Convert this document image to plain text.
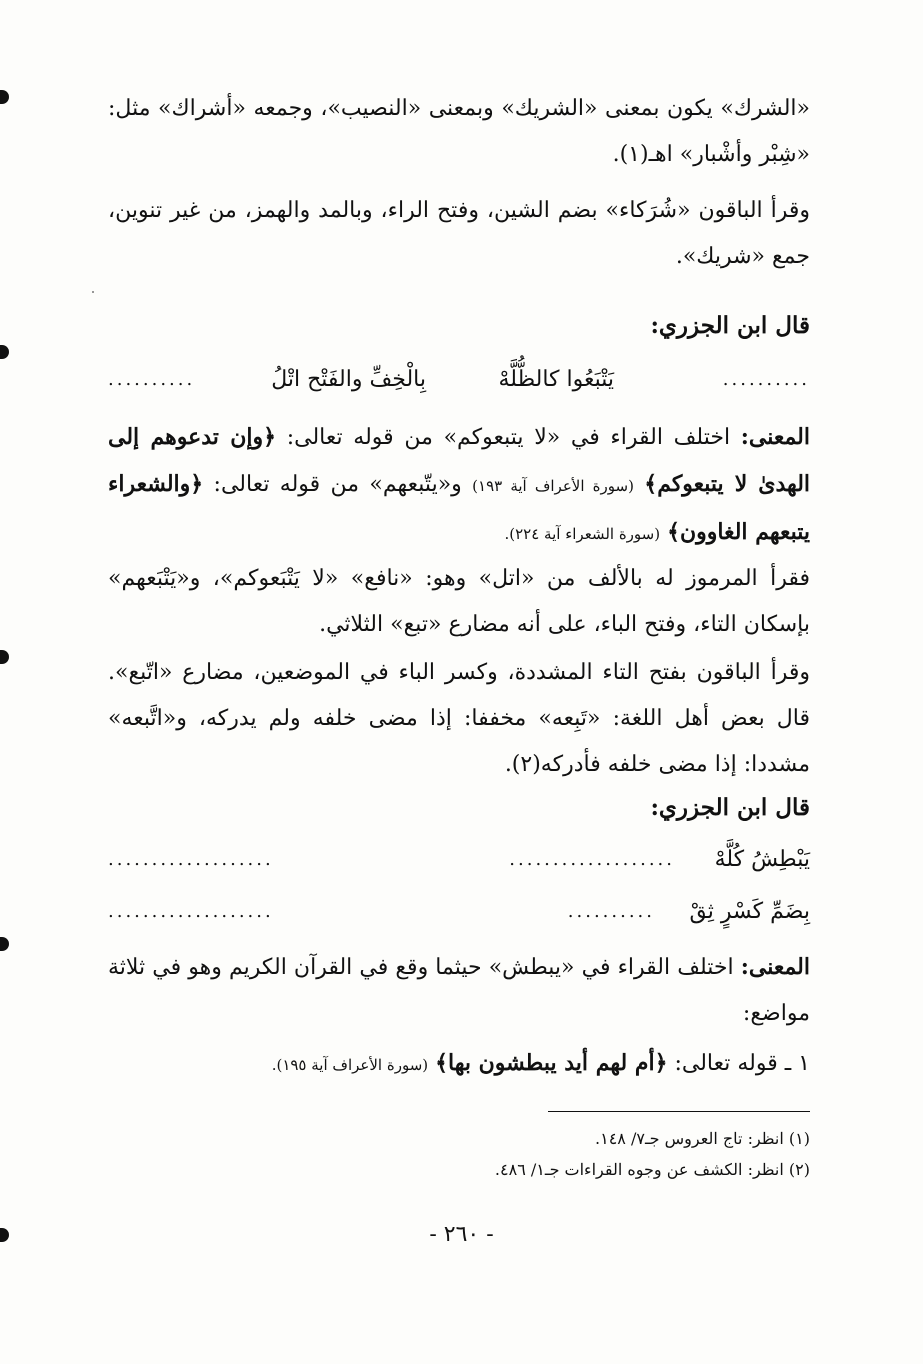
«الشرك» يكون بمعنى «الشريك» وبمعنى «النصيب»، وجمعه «أشراك» مثل: «شِبْر وأشْبار» اهـ(١).
وقرأ الباقون «شُرَكاء» بضم الشين، وفتح الراء، وبالمد والهمز، من غير تنوين، جمع «شريك».
قال ابن الجزري:
..........
يَتْبَعُوا كالظُّلَّهْ
بِالْخِفِّ والفَتْح اتْلُ
..........
المعنى: اختلف القراء في «لا يتبعوكم» من قوله تعالى: ﴿وإن تدعوهم إلى الهدىٰ لا يتبعوكم﴾ (سورة الأعراف آية ١٩٣) و«يتّبعهم» من قوله تعالى: ﴿والشعراء يتبعهم الغاوون﴾ (سورة الشعراء آية ٢٢٤).
فقرأ المرموز له بالألف من «اتل» وهو: «نافع» «لا يَتْبَعوكم»، و«يَتْبَعهم» بإسكان التاء، وفتح الباء، على أنه مضارع «تبع» الثلاثي.
وقرأ الباقون بفتح التاء المشددة، وكسر الباء في الموضعين، مضارع «اتّبع». قال بعض أهل اللغة: «تَبِعه» مخففا: إذا مضى خلفه ولم يدركه، و«اتَّبعه» مشددا: إذا مضى خلفه فأدركه(٢).
قال ابن الجزري:
يَبْطِشُ كُلَّهْ
...................
...................
بِضَمِّ كَسْرٍ ثِقْ
..........
...................
المعنى: اختلف القراء في «يبطش» حيثما وقع في القرآن الكريم وهو في ثلاثة مواضع:
١ ـ قوله تعالى: ﴿أم لهم أيد يبطشون بها﴾ (سورة الأعراف آية ١٩٥).
(١) انظر: تاج العروس جـ٧/ ١٤٨.
(٢) انظر: الكشف عن وجوه القراءات جـ١/ ٤٨٦.
- ٢٦٠ -
